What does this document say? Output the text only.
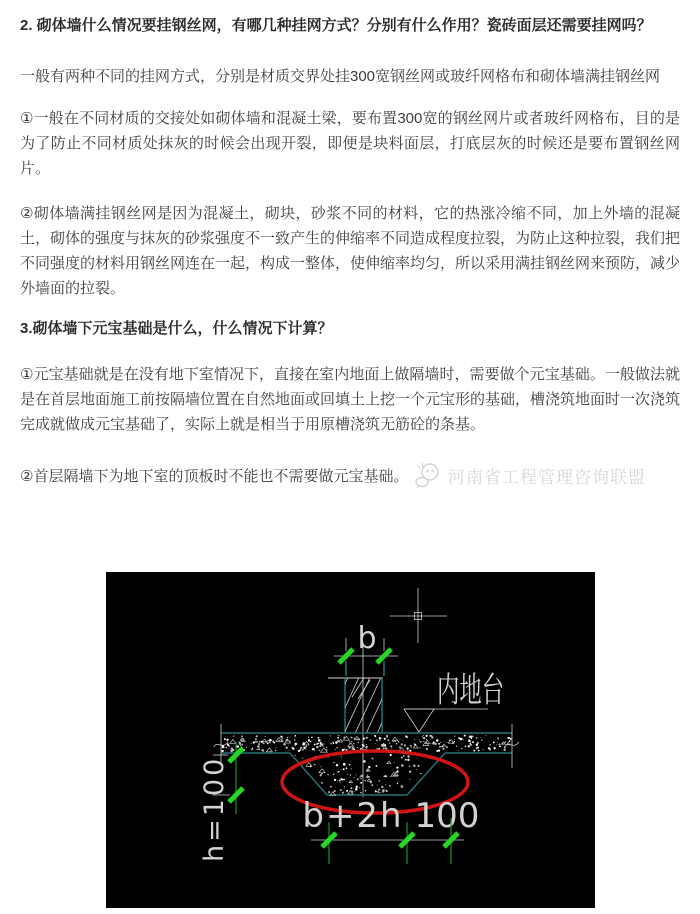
2. 砌体墙什么情况要挂钢丝网，有哪几种挂网方式？分别有什么作用？瓷砖面层还需要挂网吗？

一般有两种不同的挂网方式，分别是材质交界处挂300宽钢丝网或玻纤网格布和砌体墙满挂钢丝网

①一般在不同材质的交接处如砌体墙和混凝土梁，要布置300宽的钢丝网片或者玻纤网格布，目的是为了防止不同材质处抹灰的时候会出现开裂，即便是块料面层，打底层灰的时候还是要布置钢丝网片。

②砌体墙满挂钢丝网是因为混凝土，砌块，砂浆不同的材料，它的热涨冷缩不同，加上外墙的混凝土，砌体的强度与抹灰的砂浆强度不一致产生的伸缩率不同造成程度拉裂，为防止这种拉裂，我们把不同强度的材料用钢丝网连在一起，构成一整体，使伸缩率均匀，所以采用满挂钢丝网来预防，减少外墙面的拉裂。

3.砌体墙下元宝基础是什么，什么情况下计算？

①元宝基础就是在没有地下室情况下，直接在室内地面上做隔墙时，需要做个元宝基础。一般做法就是在首层地面施工前按隔墙位置在自然地面或回填土上挖一个元宝形的基础，槽浇筑地面时一次浇筑完成就做成元宝基础了，实际上就是相当于用原槽浇筑无筋砼的条基。

②首层隔墙下为地下室的顶板时不能也不需要做元宝基础。	河南省工程管理咨询联盟
b
内地台
h=100 b+2h 100
